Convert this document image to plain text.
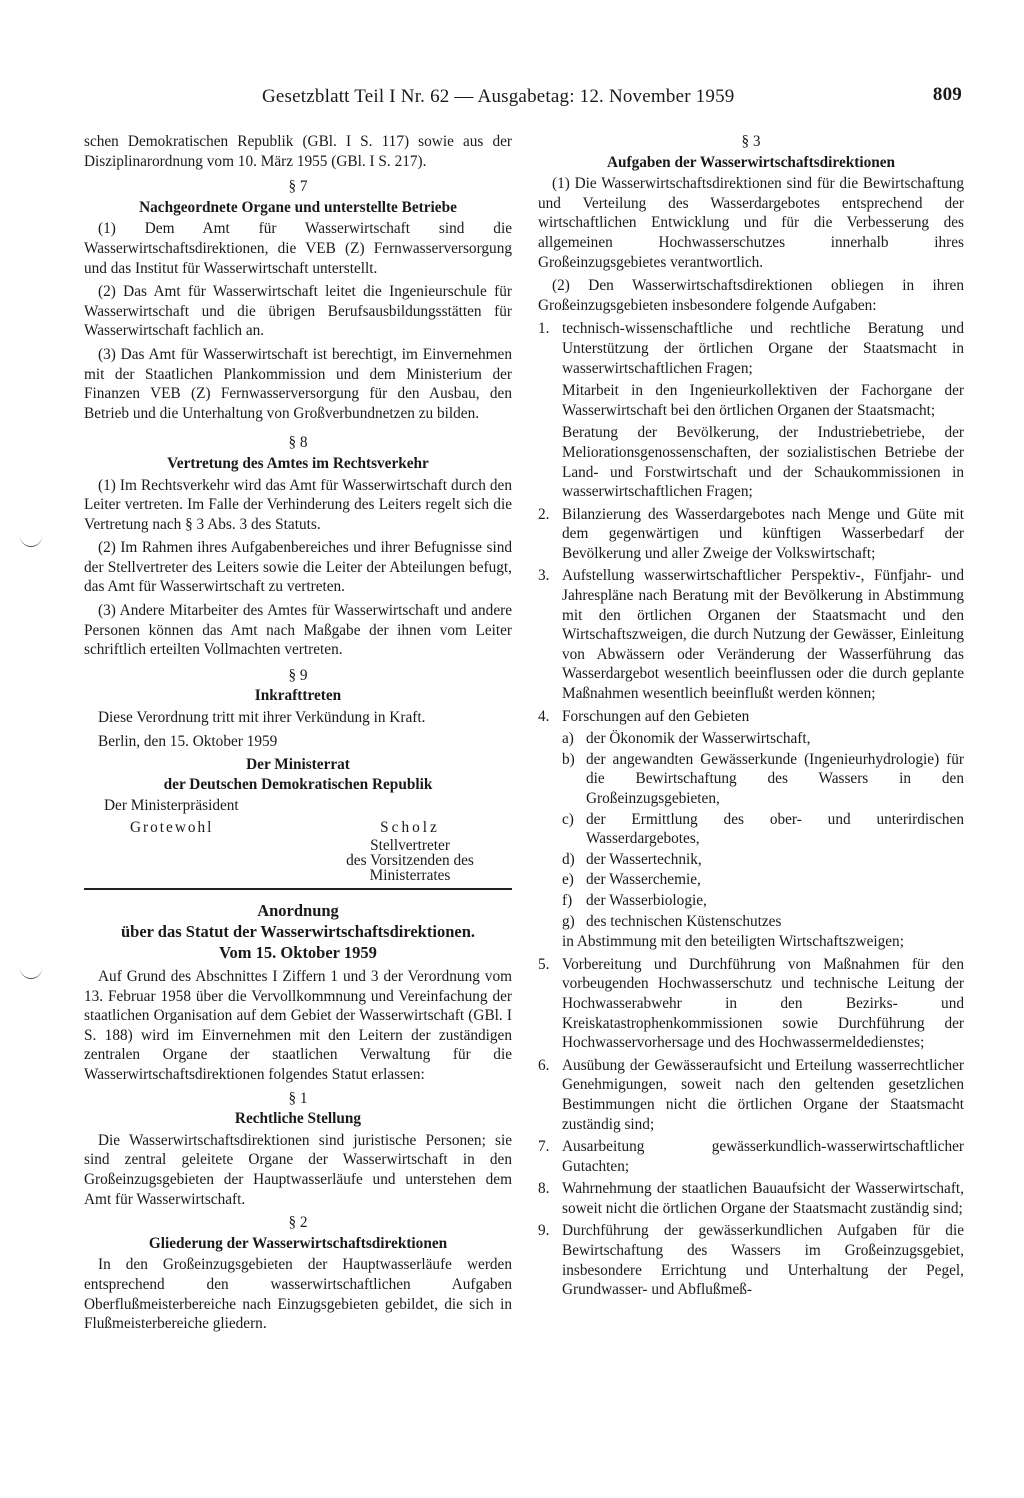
Gesetzblatt Teil I Nr. 62 — Ausgabetag: 12. November 1959	809

schen Demokratischen Republik (GBl. I S. 117) sowie aus der Disziplinarordnung vom 10. März 1955 (GBl. I S. 217).

§ 7
Nachgeordnete Organe und unterstellte Betriebe

(1) Dem Amt für Wasserwirtschaft sind die Wasserwirtschaftsdirektionen, die VEB (Z) Fernwasserversorgung und das Institut für Wasserwirtschaft unterstellt.

(2) Das Amt für Wasserwirtschaft leitet die Ingenieurschule für Wasserwirtschaft und die übrigen Berufsausbildungsstätten für Wasserwirtschaft fachlich an.

(3) Das Amt für Wasserwirtschaft ist berechtigt, im Einvernehmen mit der Staatlichen Plankommission und dem Ministerium der Finanzen VEB (Z) Fernwasserversorgung für den Ausbau, den Betrieb und die Unterhaltung von Großverbundnetzen zu bilden.

§ 8
Vertretung des Amtes im Rechtsverkehr

(1) Im Rechtsverkehr wird das Amt für Wasserwirtschaft durch den Leiter vertreten. Im Falle der Verhinderung des Leiters regelt sich die Vertretung nach § 3 Abs. 3 des Statuts.

(2) Im Rahmen ihres Aufgabenbereiches und ihrer Befugnisse sind der Stellvertreter des Leiters sowie die Leiter der Abteilungen befugt, das Amt für Wasserwirtschaft zu vertreten.

(3) Andere Mitarbeiter des Amtes für Wasserwirtschaft und andere Personen können das Amt nach Maßgabe der ihnen vom Leiter schriftlich erteilten Vollmachten vertreten.

§ 9
Inkrafttreten

Diese Verordnung tritt mit ihrer Verkündung in Kraft.

Berlin, den 15. Oktober 1959

Der Ministerrat
der Deutschen Demokratischen Republik
Der Ministerpräsident
Grotewohl	Scholz
Stellvertreter
des Vorsitzenden des
Ministerrates
Anordnung
über das Statut der Wasserwirtschaftsdirektionen.
Vom 15. Oktober 1959

Auf Grund des Abschnittes I Ziffern 1 und 3 der Verordnung vom 13. Februar 1958 über die Vervollkommnung und Vereinfachung der staatlichen Organisation auf dem Gebiet der Wasserwirtschaft (GBl. I S. 188) wird im Einvernehmen mit den Leitern der zuständigen zentralen Organe der staatlichen Verwaltung für die Wasserwirtschaftsdirektionen folgendes Statut erlassen:

§ 1
Rechtliche Stellung

Die Wasserwirtschaftsdirektionen sind juristische Personen; sie sind zentral geleitete Organe der Wasserwirtschaft in den Großeinzugsgebieten der Hauptwasserläufe und unterstehen dem Amt für Wasserwirtschaft.

§ 2
Gliederung der Wasserwirtschaftsdirektionen

In den Großeinzugsgebieten der Hauptwasserläufe werden entsprechend den wasserwirtschaftlichen Aufgaben Oberflußmeisterbereiche nach Einzugsgebieten gebildet, die sich in Flußmeisterbereiche gliedern.

§ 3
Aufgaben der Wasserwirtschaftsdirektionen

(1) Die Wasserwirtschaftsdirektionen sind für die Bewirtschaftung und Verteilung des Wasserdargebotes entsprechend der wirtschaftlichen Entwicklung und für die Verbesserung des allgemeinen Hochwasserschutzes innerhalb ihres Großeinzugsgebietes verantwortlich.

(2) Den Wasserwirtschaftsdirektionen obliegen in ihren Großeinzugsgebieten insbesondere folgende Aufgaben:

1. technisch-wissenschaftliche und rechtliche Beratung und Unterstützung der örtlichen Organe der Staatsmacht in wasserwirtschaftlichen Fragen;
Mitarbeit in den Ingenieurkollektiven der Fachorgane der Wasserwirtschaft bei den örtlichen Organen der Staatsmacht;
Beratung der Bevölkerung, der Industriebetriebe, der Meliorationsgenossenschaften, der sozialistischen Betriebe der Land- und Forstwirtschaft und der Schaukommissionen in wasserwirtschaftlichen Fragen;
2. Bilanzierung des Wasserdargebotes nach Menge und Güte mit dem gegenwärtigen und künftigen Wasserbedarf der Bevölkerung und aller Zweige der Volkswirtschaft;
3. Aufstellung wasserwirtschaftlicher Perspektiv-, Fünfjahr- und Jahrespläne nach Beratung mit der Bevölkerung in Abstimmung mit den örtlichen Organen der Staatsmacht und den Wirtschaftszweigen, die durch Nutzung der Gewässer, Einleitung von Abwässern oder Veränderung der Wasserführung das Wasserdargebot wesentlich beeinflussen oder die durch geplante Maßnahmen wesentlich beeinflußt werden können;
4. Forschungen auf den Gebieten
a) der Ökonomik der Wasserwirtschaft,
b) der angewandten Gewässerkunde (Ingenieurhydrologie) für die Bewirtschaftung des Wassers in den Großeinzugsgebieten,
c) der Ermittlung des ober- und unterirdischen Wasserdargebotes,
d) der Wassertechnik,
e) der Wasserchemie,
f) der Wasserbiologie,
g) des technischen Küstenschutzes
in Abstimmung mit den beteiligten Wirtschaftszweigen;
5. Vorbereitung und Durchführung von Maßnahmen für den vorbeugenden Hochwasserschutz und technische Leitung der Hochwasserabwehr in den Bezirks- und Kreiskatastrophenkommissionen sowie Durchführung der Hochwasservorhersage und des Hochwassermeldedienstes;
6. Ausübung der Gewässeraufsicht und Erteilung wasserrechtlicher Genehmigungen, soweit nach den geltenden gesetzlichen Bestimmungen nicht die örtlichen Organe der Staatsmacht zuständig sind;
7. Ausarbeitung gewässerkundlich-wasserwirtschaftlicher Gutachten;
8. Wahrnehmung der staatlichen Bauaufsicht der Wasserwirtschaft, soweit nicht die örtlichen Organe der Staatsmacht zuständig sind;
9. Durchführung der gewässerkundlichen Aufgaben für die Bewirtschaftung des Wassers im Großeinzugsgebiet, insbesondere Errichtung und Unterhaltung der Pegel, Grundwasser- und Abflußmeß-
